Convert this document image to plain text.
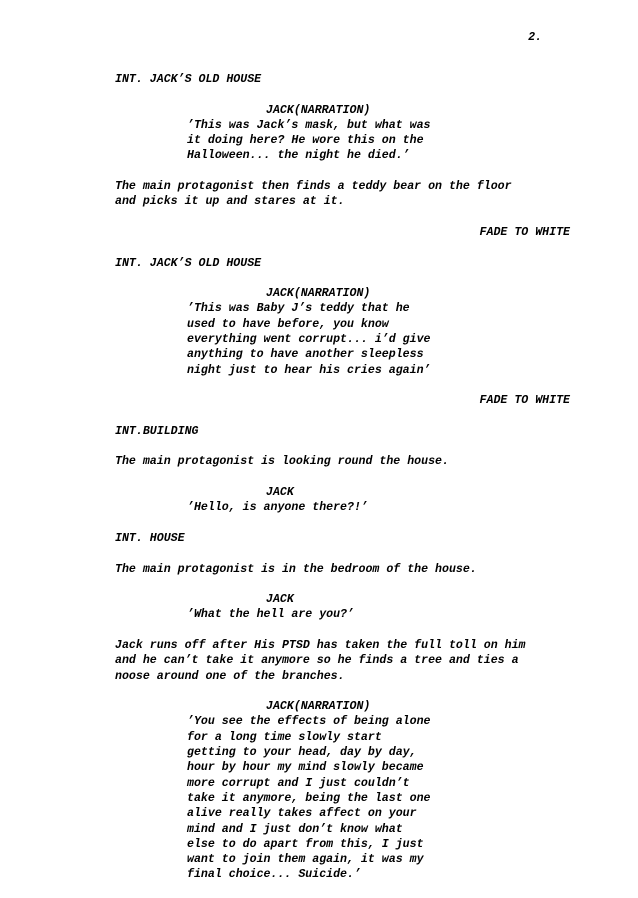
2.
INT. JACK’S OLD HOUSE
JACK(NARRATION)
’This was Jack’s mask, but what was
it doing here? He wore this on the
Halloween... the night he died.’
The main protagonist then finds a teddy bear on the floor
and picks it up and stares at it.
FADE TO WHITE
INT. JACK’S OLD HOUSE
JACK(NARRATION)
’This was Baby J’s teddy that he
used to have before, you know
everything went corrupt... i’d give
anything to have another sleepless
night just to hear his cries again’
FADE TO WHITE
INT.BUILDING
The main protagonist is looking round the house.
JACK
’Hello, is anyone there?!’
INT. HOUSE
The main protagonist is in the bedroom of the house.
JACK
’What the hell are you?’
Jack runs off after His PTSD has taken the full toll on him
and he can’t take it anymore so he finds a tree and ties a
noose around one of the branches.
JACK(NARRATION)
’You see the effects of being alone
for a long time slowly start
getting to your head, day by day,
hour by hour my mind slowly became
more corrupt and I just couldn’t
take it anymore, being the last one
alive really takes affect on your
mind and I just don’t know what
else to do apart from this, I just
want to join them again, it was my
final choice... Suicide.’
